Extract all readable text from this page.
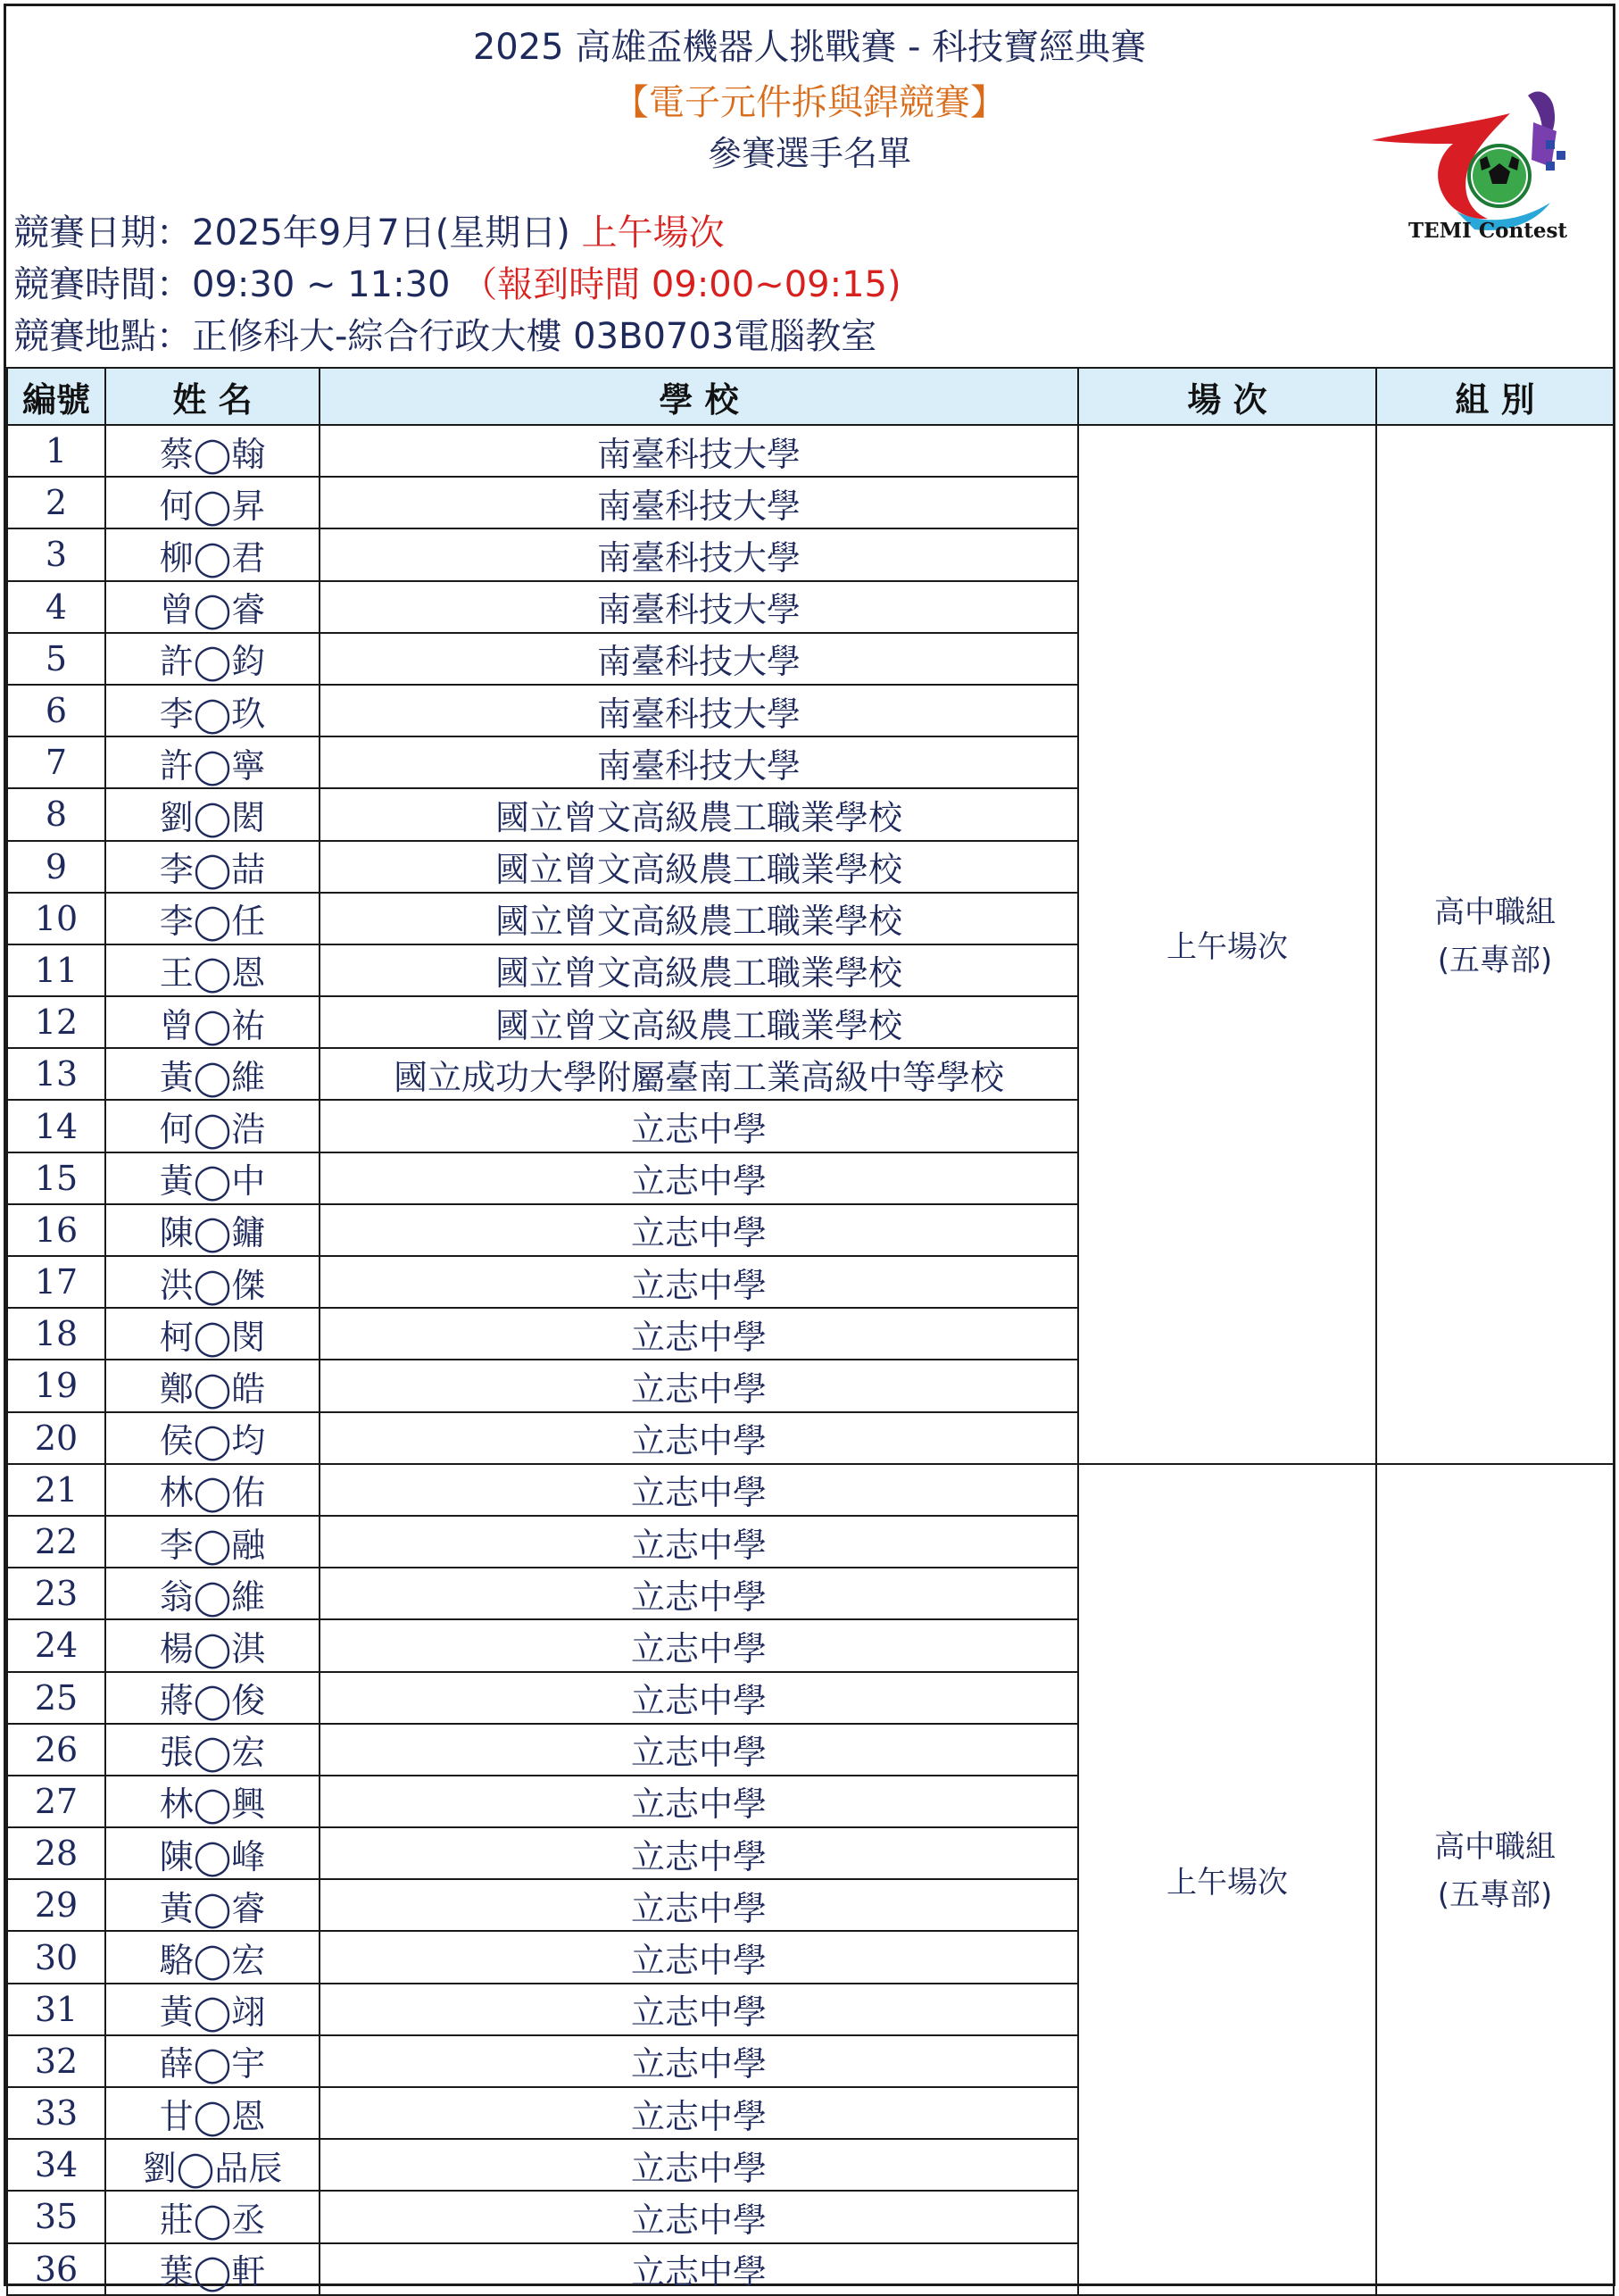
2025 高雄盃機器人挑戰賽 - 科技寶經典賽
【電子元件拆與銲競賽】
參賽選手名單
TEMI Contest
競賽日期：2025年9月7日(星期日) 上午場次
競賽時間：09:30 ~ 11:30 （報到時間 09:00~09:15)
競賽地點：正修科大-綜合行政大樓 03B0703電腦教室
編號	姓 名	學 校	場 次	組 別
1	蔡◯翰	南臺科技大學	上午場次	高中職組
(五專部)

2	何◯昇	南臺科技大學		
3	柳◯君	南臺科技大學		
4	曾◯睿	南臺科技大學		
5	許◯鈞	南臺科技大學		
6	李◯玖	南臺科技大學		
7	許◯寧	南臺科技大學		
8	劉◯閎	國立曾文高級農工職業學校		
9	李◯喆	國立曾文高級農工職業學校		
10	李◯任	國立曾文高級農工職業學校		
11	王◯恩	國立曾文高級農工職業學校		
12	曾◯祐	國立曾文高級農工職業學校		
13	黃◯維	國立成功大學附屬臺南工業高級中等學校		
14	何◯浩	立志中學		
15	黃◯中	立志中學		
16	陳◯鏞	立志中學		
17	洪◯傑	立志中學		
18	柯◯閔	立志中學		
19	鄭◯皓	立志中學		
20	侯◯均	立志中學		
21	林◯佑	立志中學	上午場次	高中職組
(五專部)

22	李◯融	立志中學		
23	翁◯維	立志中學		
24	楊◯淇	立志中學		
25	蔣◯俊	立志中學		
26	張◯宏	立志中學		
27	林◯興	立志中學		
28	陳◯峰	立志中學		
29	黃◯睿	立志中學		
30	駱◯宏	立志中學		
31	黃◯翊	立志中學		
32	薛◯宇	立志中學		
33	甘◯恩	立志中學		
34	劉◯品辰	立志中學		
35	莊◯丞	立志中學		
36	葉◯軒	立志中學		
